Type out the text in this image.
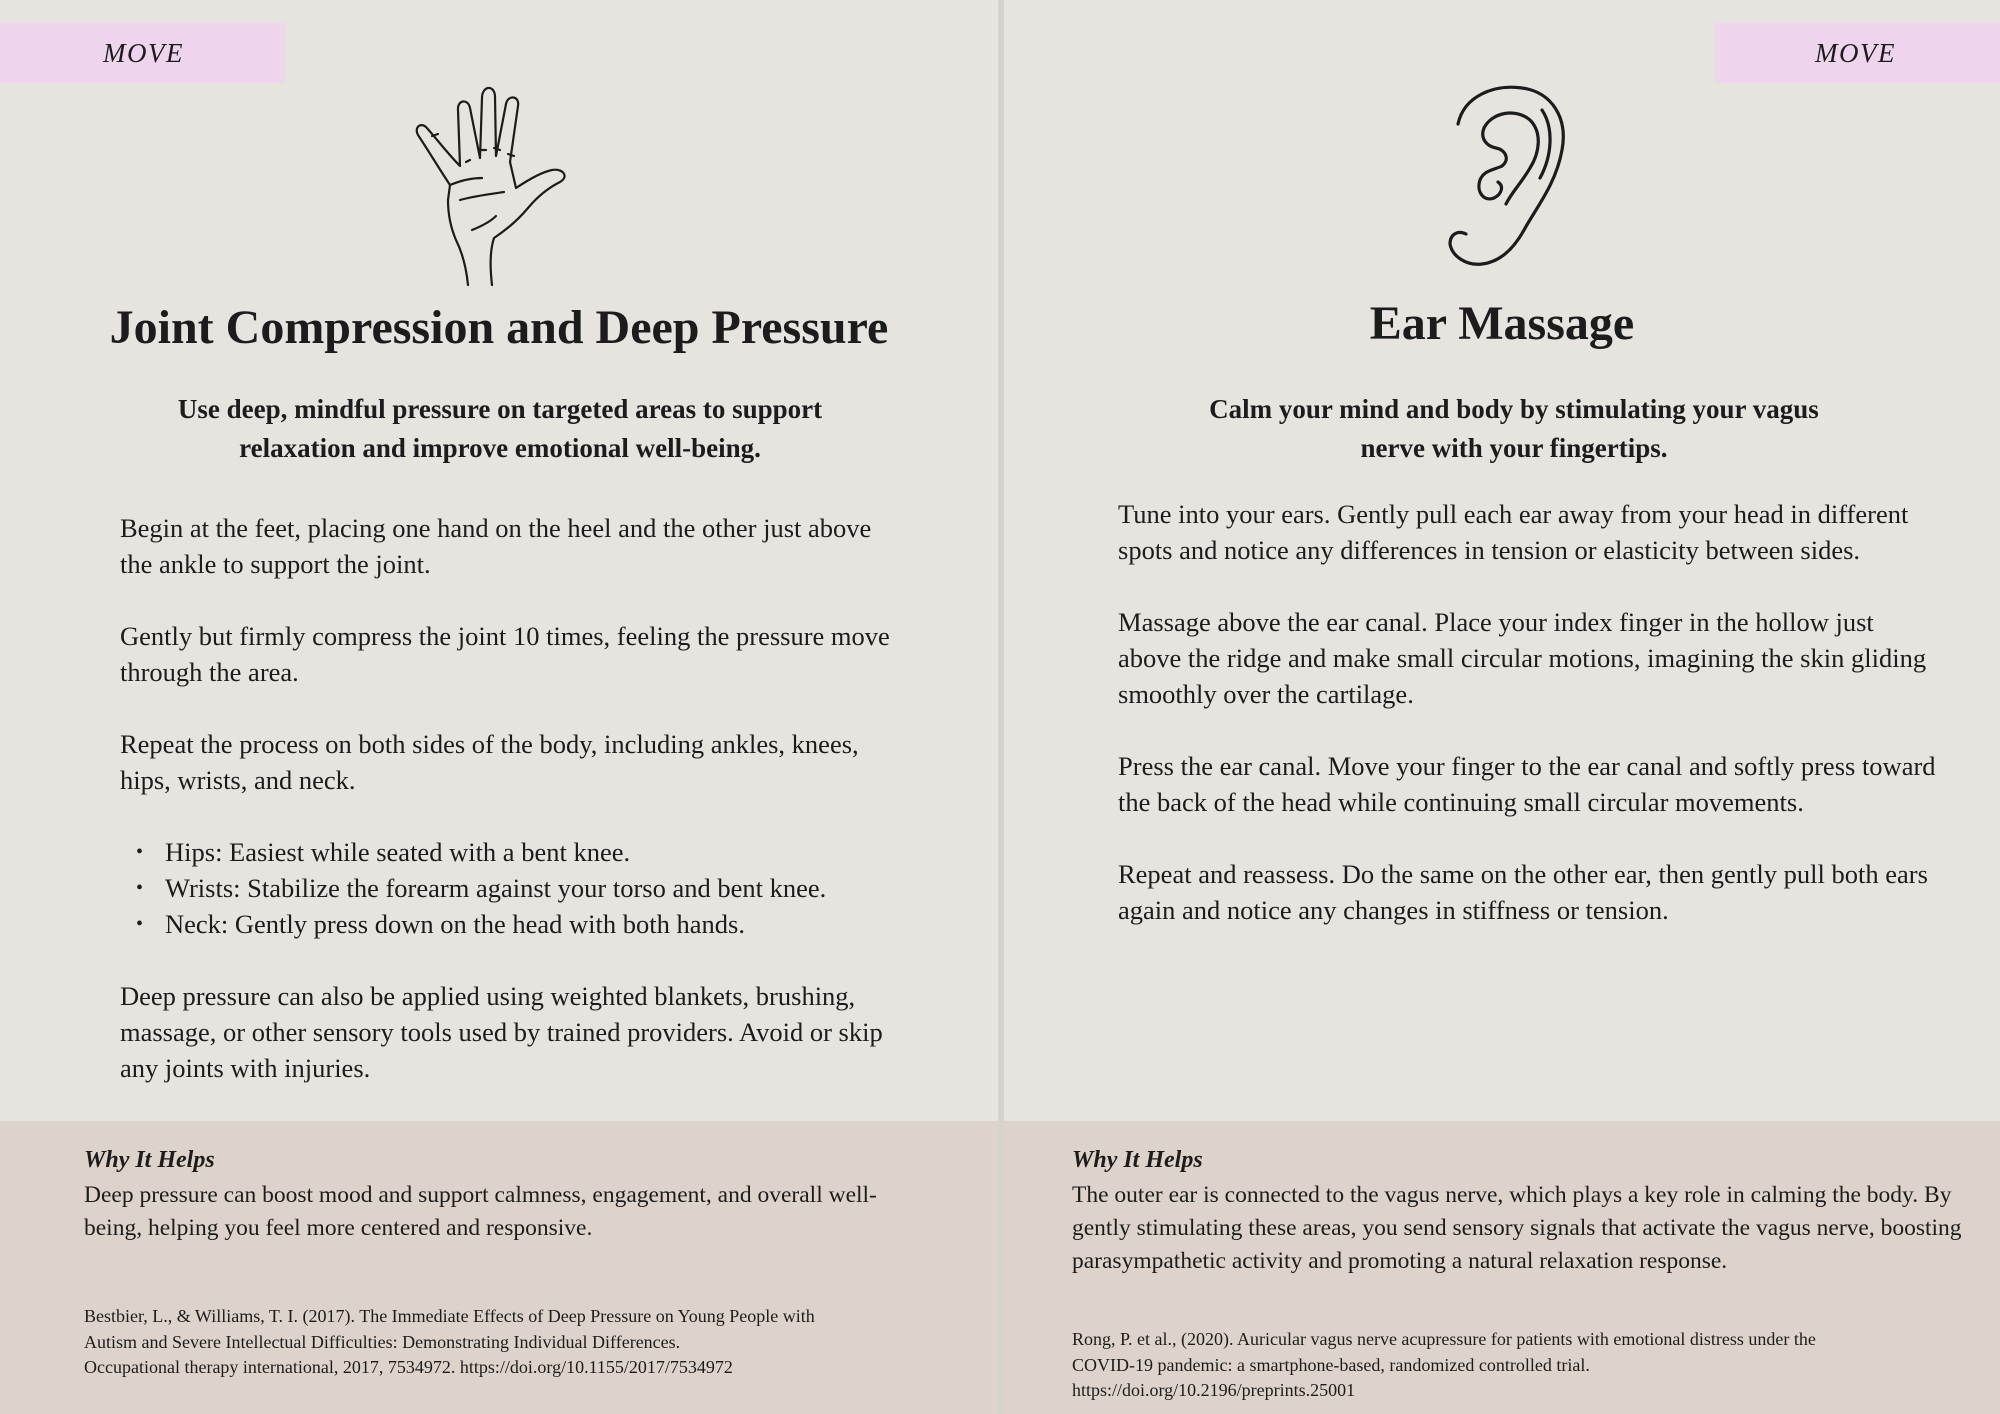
MOVE
Joint Compression and Deep Pressure
Use deep, mindful pressure on targeted areas to support
relaxation and improve emotional well-being.

Begin at the feet, placing one hand on the heel and the other just above the ankle to support the joint.

Gently but firmly compress the joint 10 times, feeling the pressure move through the area.

Repeat the process on both sides of the body, including ankles, knees, hips, wrists, and neck.

• Hips: Easiest while seated with a bent knee.
• Wrists: Stabilize the forearm against your torso and bent knee.
• Neck: Gently press down on the head with both hands.

Deep pressure can also be applied using weighted blankets, brushing, massage, or other sensory tools used by trained providers. Avoid or skip any joints with injuries.

Why It Helps
Deep pressure can boost mood and support calmness, engagement, and overall well-being, helping you feel more centered and responsive.
Bestbier, L., & Williams, T. I. (2017). The Immediate Effects of Deep Pressure on Young People with
Autism and Severe Intellectual Difficulties: Demonstrating Individual Differences.
Occupational therapy international, 2017, 7534972. https://doi.org/10.1155/2017/7534972
MOVE
Ear Massage
Calm your mind and body by stimulating your vagus
nerve with your fingertips.

Tune into your ears. Gently pull each ear away from your head in different spots and notice any differences in tension or elasticity between sides.

Massage above the ear canal. Place your index finger in the hollow just above the ridge and make small circular motions, imagining the skin gliding smoothly over the cartilage.

Press the ear canal. Move your finger to the ear canal and softly press toward the back of the head while continuing small circular movements.

Repeat and reassess. Do the same on the other ear, then gently pull both ears again and notice any changes in stiffness or tension.

Why It Helps
The outer ear is connected to the vagus nerve, which plays a key role in calming the body. By gently stimulating these areas, you send sensory signals that activate the vagus nerve, boosting parasympathetic activity and promoting a natural relaxation response.
Rong, P. et al., (2020). Auricular vagus nerve acupressure for patients with emotional distress under the
COVID-19 pandemic: a smartphone-based, randomized controlled trial.
https://doi.org/10.2196/preprints.25001
